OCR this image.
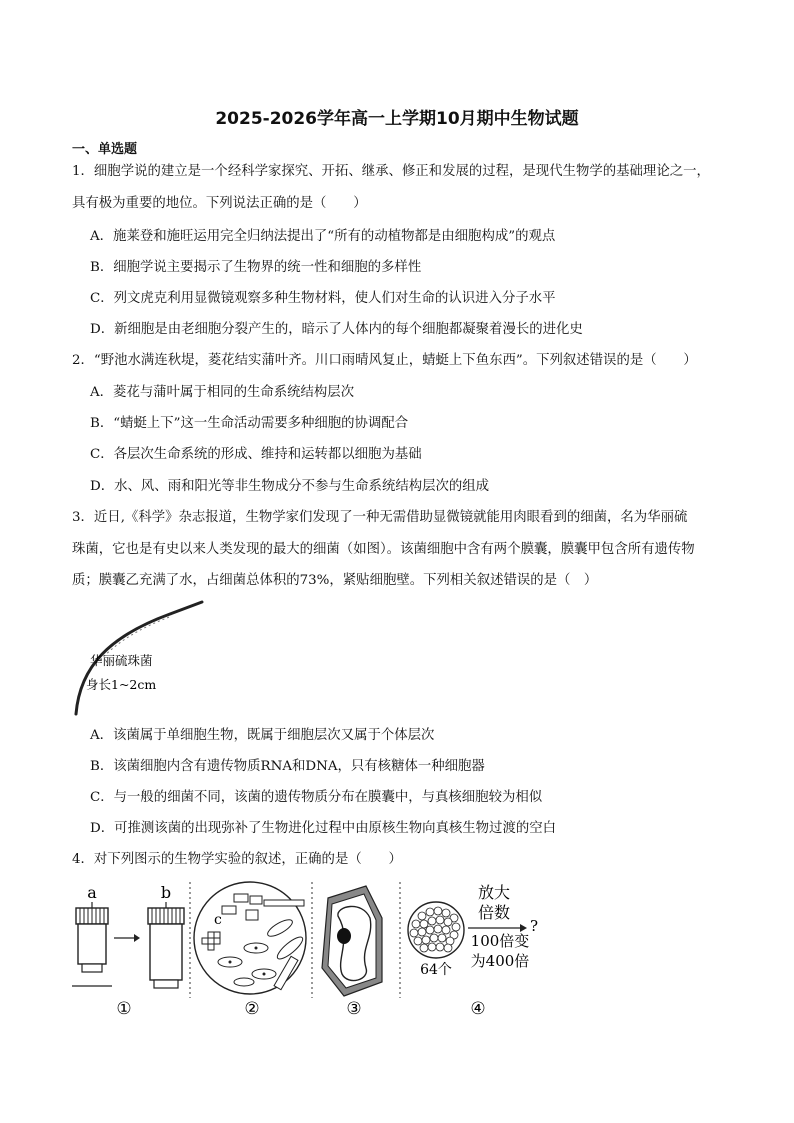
2025-2026学年高一上学期10月期中生物试题
一、单选题
1．细胞学说的建立是一个经科学家探究、开拓、继承、修正和发展的过程，是现代生物学的基础理论之一，
具有极为重要的地位。下列说法正确的是（　　）
A．施莱登和施旺运用完全归纳法提出了“所有的动植物都是由细胞构成”的观点
B．细胞学说主要揭示了生物界的统一性和细胞的多样性
C．列文虎克利用显微镜观察多种生物材料，使人们对生命的认识进入分子水平
D．新细胞是由老细胞分裂产生的，暗示了人体内的每个细胞都凝聚着漫长的进化史
2．“野池水满连秋堤，菱花结实蒲叶齐。川口雨晴风复止，蜻蜓上下鱼东西”。下列叙述错误的是（　　）
A．菱花与蒲叶属于相同的生命系统结构层次
B．“蜻蜓上下”这一生命活动需要多种细胞的协调配合
C．各层次生命系统的形成、维持和运转都以细胞为基础
D．水、风、雨和阳光等非生物成分不参与生命系统结构层次的组成
3．近日,《科学》杂志报道，生物学家们发现了一种无需借助显微镜就能用肉眼看到的细菌，名为华丽硫
珠菌，它也是有史以来人类发现的最大的细菌（如图）。该菌细胞中含有两个膜囊，膜囊甲包含所有遗传物
质；膜囊乙充满了水，占细菌总体积的73%，紧贴细胞壁。下列相关叙述错误的是（　）
华丽硫珠菌
身长1~2cm
A．该菌属于单细胞生物，既属于细胞层次又属于个体层次
B．该菌细胞内含有遗传物质RNA和DNA，只有核糖体一种细胞器
C．与一般的细菌不同，该菌的遗传物质分布在膜囊中，与真核细胞较为相似
D．可推测该菌的出现弥补了生物进化过程中由原核生物向真核生物过渡的空白
4．对下列图示的生物学实验的叙述，正确的是（　　）
a	b
①
c
②	③
放大
倍数
?
100倍变
为400倍
64个
④
